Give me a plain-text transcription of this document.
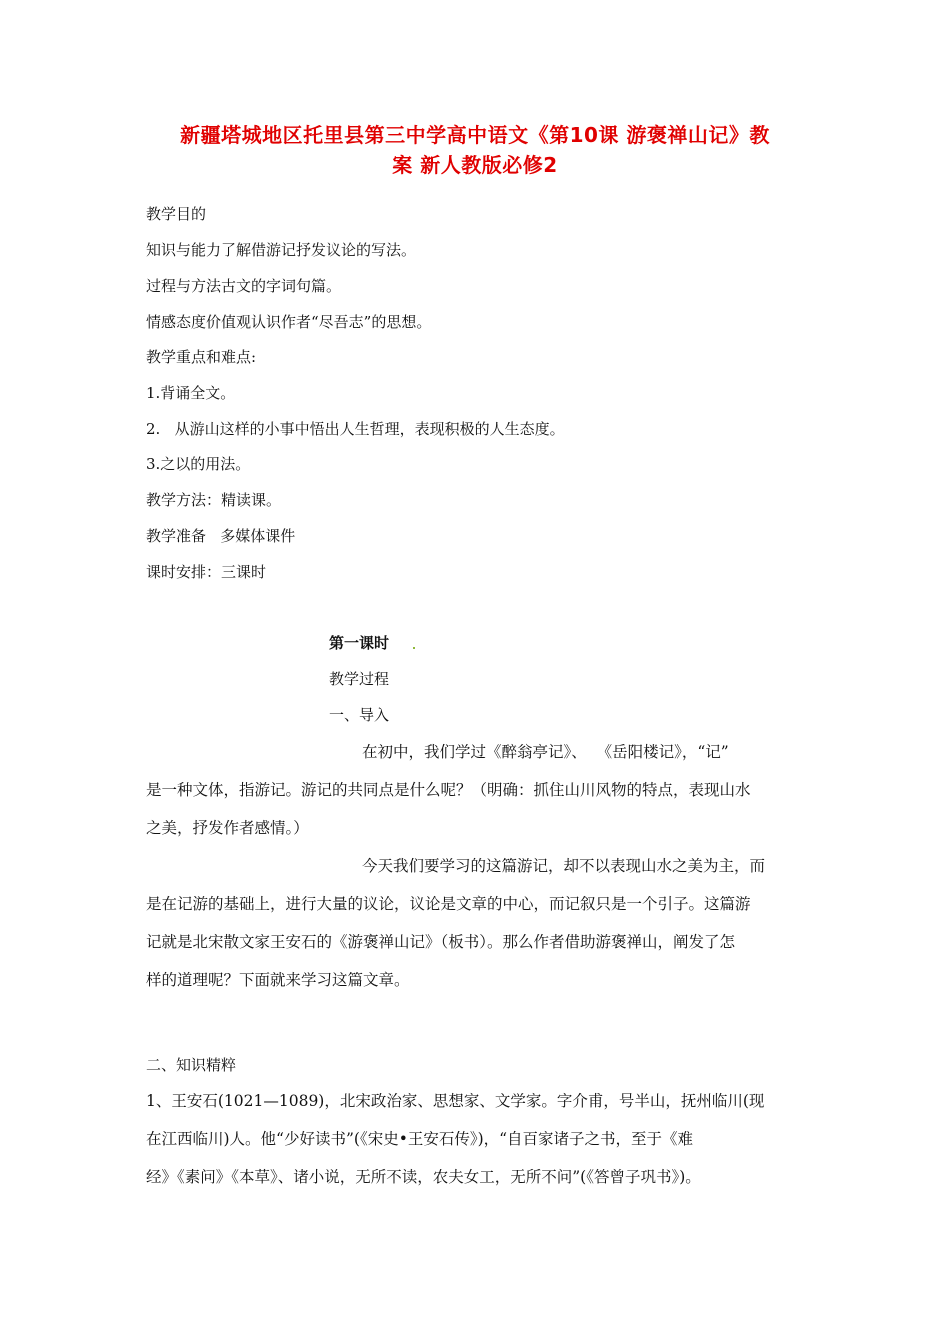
新疆塔城地区托里县第三中学高中语文《第10课 游褒禅山记》教
案 新人教版必修2
教学目的
知识与能力了解借游记抒发议论的写法。
过程与方法古文的字词句篇。
情感态度价值观认识作者“尽吾志”的思想。
教学重点和难点:
1.背诵全文。
2.   从游山这样的小事中悟出人生哲理，表现积极的人生态度。
3.之以的用法。
教学方法：精读课。
教学准备   多媒体课件
课时安排：三课时
第一课时
教学过程
一、导入
在初中，我们学过《醉翁亭记》、  《岳阳楼记》，“记”
是一种文体，指游记。游记的共同点是什么呢？（明确：抓住山川风物的特点，表现山水
之美，抒发作者感情。）
今天我们要学习的这篇游记，却不以表现山水之美为主，而
是在记游的基础上，进行大量的议论，议论是文章的中心，而记叙只是一个引子。这篇游
记就是北宋散文家王安石的《游褒禅山记》（板书）。那么作者借助游褒禅山，阐发了怎
样的道理呢？下面就来学习这篇文章。
二、知识精粹
1、王安石(1021—1089)，北宋政治家、思想家、文学家。字介甫，号半山，抚州临川(现
在江西临川)人。他“少好读书”(《宋史•王安石传》)，“自百家诸子之书，至于《难
经》《素问》《本草》、诸小说，无所不读，农夫女工，无所不问”(《答曾子巩书》)。
